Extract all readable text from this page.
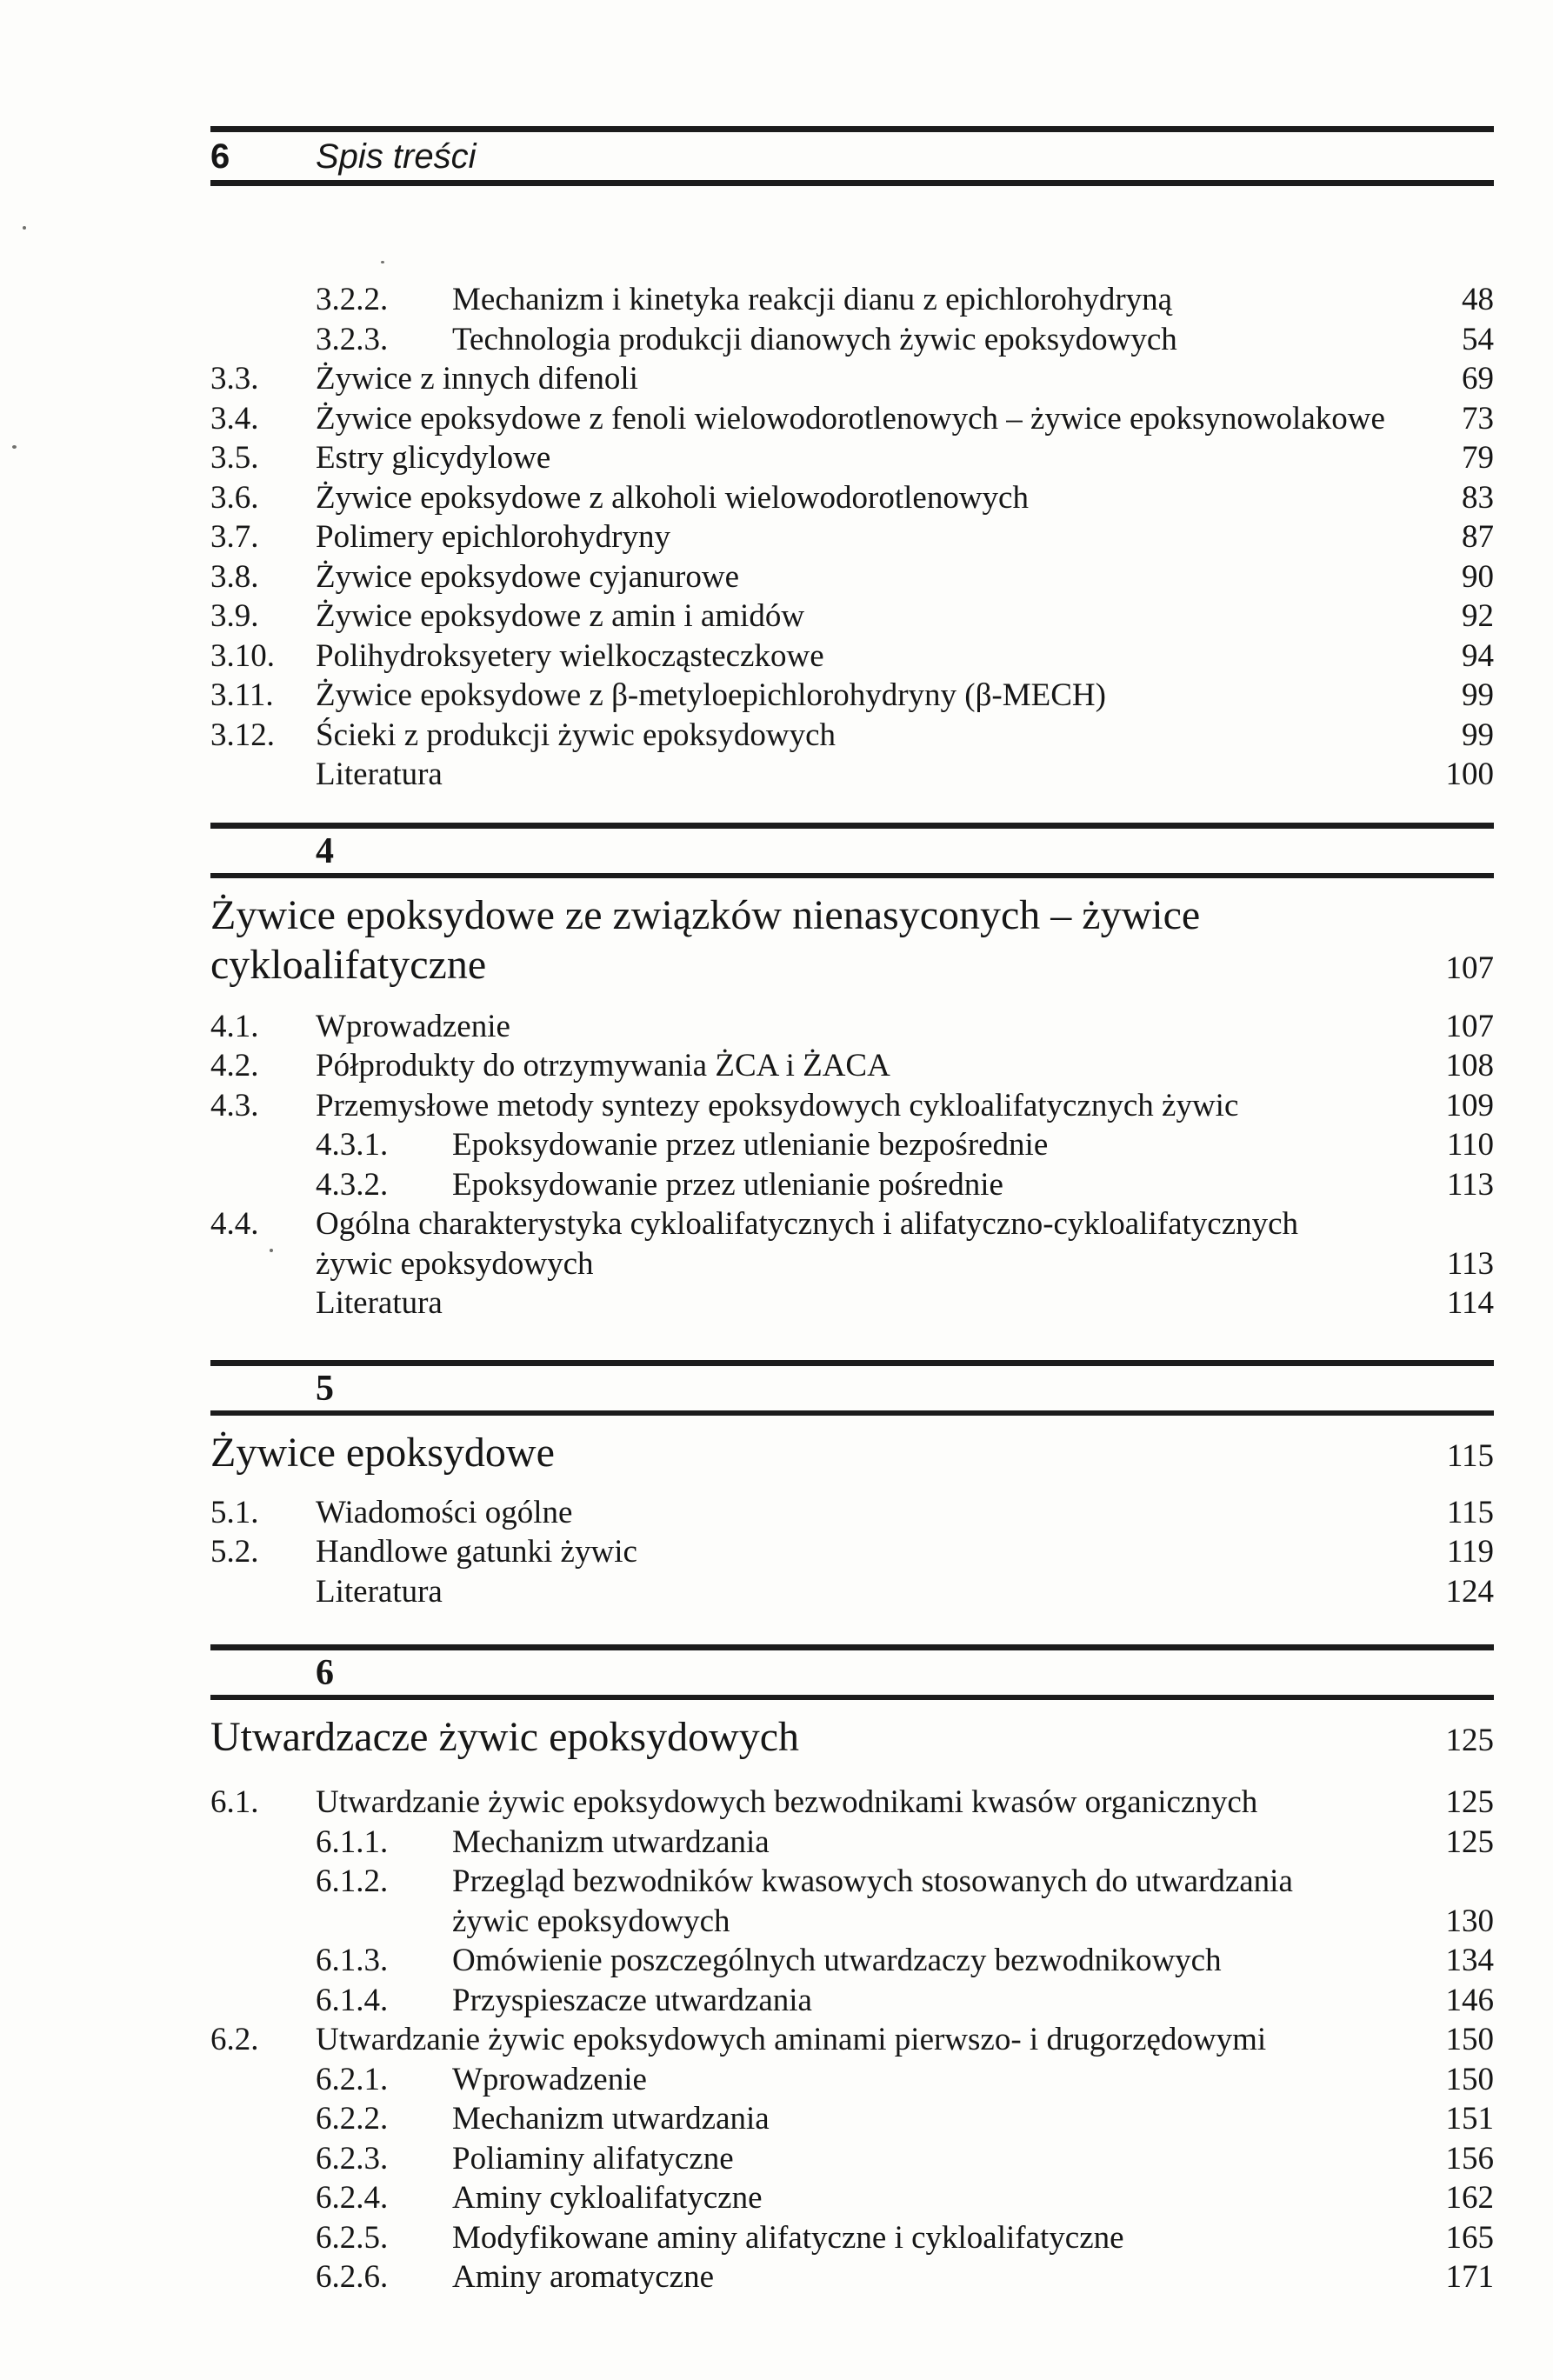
6	Spis treści
3.2.2.	Mechanizm i kinetyka reakcji dianu z epichlorohydryną	48
3.2.3.	Technologia produkcji dianowych żywic epoksydowych	54
3.3.	Żywice z innych difenoli	69
3.4.	Żywice epoksydowe z fenoli wielowodorotlenowych – żywice epoksynowolakowe	73
3.5.	Estry glicydylowe	79
3.6.	Żywice epoksydowe z alkoholi wielowodorotlenowych	83
3.7.	Polimery epichlorohydryny	87
3.8.	Żywice epoksydowe cyjanurowe	90
3.9.	Żywice epoksydowe z amin i amidów	92
3.10.	Polihydroksyetery wielkocząsteczkowe	94
3.11.	Żywice epoksydowe z β-metyloepichlorohydryny (β-MECH)	99
3.12.	Ścieki z produkcji żywic epoksydowych	99
Literatura	100
4
Żywice epoksydowe ze związków nienasyconych – żywice
cykloalifatyczne	107
4.1.	Wprowadzenie	107
4.2.	Półprodukty do otrzymywania ŻCA i ŻACA	108
4.3.	Przemysłowe metody syntezy epoksydowych cykloalifatycznych żywic	109
4.3.1.	Epoksydowanie przez utlenianie bezpośrednie	110
4.3.2.	Epoksydowanie przez utlenianie pośrednie	113
4.4.	Ogólna charakterystyka cykloalifatycznych i alifatyczno-cykloalifatycznych
żywic epoksydowych	113
Literatura	114
5
Żywice epoksydowe	115
5.1.	Wiadomości ogólne	115
5.2.	Handlowe gatunki żywic	119
Literatura	124
6
Utwardzacze żywic epoksydowych	125
6.1.	Utwardzanie żywic epoksydowych bezwodnikami kwasów organicznych	125
6.1.1.	Mechanizm utwardzania	125
6.1.2.	Przegląd bezwodników kwasowych stosowanych do utwardzania
żywic epoksydowych	130
6.1.3.	Omówienie poszczególnych utwardzaczy bezwodnikowych	134
6.1.4.	Przyspieszacze utwardzania	146
6.2.	Utwardzanie żywic epoksydowych aminami pierwszo- i drugorzędowymi	150
6.2.1.	Wprowadzenie	150
6.2.2.	Mechanizm utwardzania	151
6.2.3.	Poliaminy alifatyczne	156
6.2.4.	Aminy cykloalifatyczne	162
6.2.5.	Modyfikowane aminy alifatyczne i cykloalifatyczne	165
6.2.6.	Aminy aromatyczne	171
